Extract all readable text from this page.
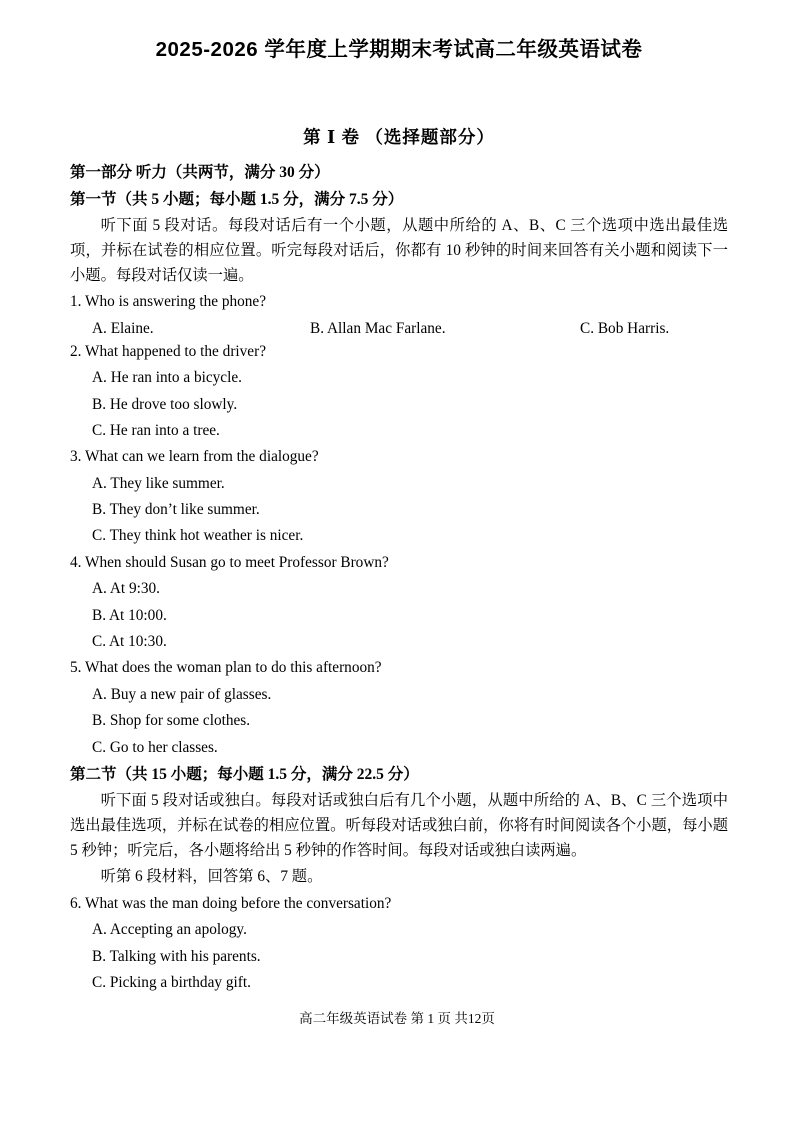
2025-2026 学年度上学期期末考试高二年级英语试卷
第 Ⅰ 卷 （选择题部分）
第一部分 听力（共两节，满分 30 分）
第一节（共 5 小题；每小题 1.5 分，满分 7.5 分）
听下面 5 段对话。每段对话后有一个小题，从题中所给的 A、B、C 三个选项中选出最佳选项，并标在试卷的相应位置。听完每段对话后，你都有 10 秒钟的时间来回答有关小题和阅读下一小题。每段对话仅读一遍。
1. Who is answering the phone?
A. Elaine.	B. Allan Mac Farlane.	C. Bob Harris.
2. What happened to the driver?
A. He ran into a bicycle.
B. He drove too slowly.
C. He ran into a tree.
3. What can we learn from the dialogue?
A. They like summer.
B. They don’t like summer.
C. They think hot weather is nicer.
4. When should Susan go to meet Professor Brown?
A. At 9:30.
B. At 10:00.
C. At 10:30.
5. What does the woman plan to do this afternoon?
A. Buy a new pair of glasses.
B. Shop for some clothes.
C. Go to her classes.
第二节（共 15 小题；每小题 1.5 分，满分 22.5 分）
听下面 5 段对话或独白。每段对话或独白后有几个小题，从题中所给的 A、B、C 三个选项中选出最佳选项，并标在试卷的相应位置。听每段对话或独白前，你将有时间阅读各个小题，每小题 5 秒钟；听完后，各小题将给出 5 秒钟的作答时间。每段对话或独白读两遍。
听第 6 段材料，回答第 6、7 题。
6. What was the man doing before the conversation?
A. Accepting an apology.
B. Talking with his parents.
C. Picking a birthday gift.
高二年级英语试卷 第 1 页 共12页
